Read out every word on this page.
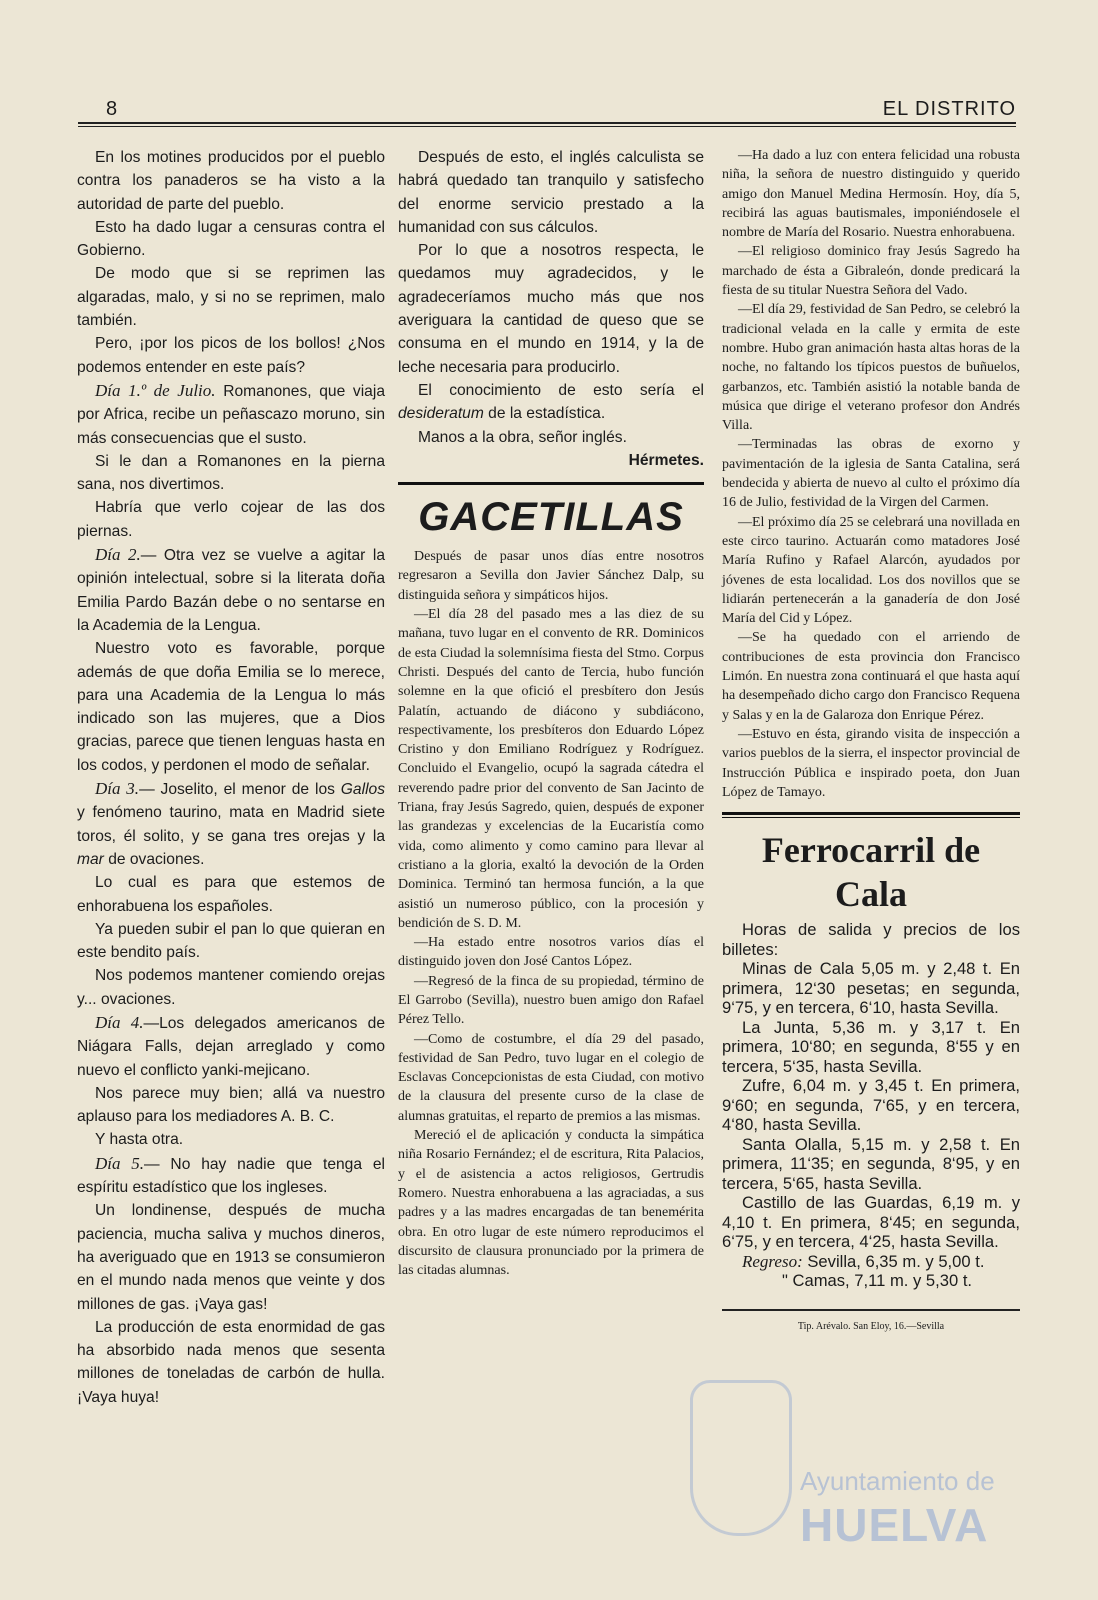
8	EL DISTRITO

En los motines producidos por el pueblo contra los panaderos se ha visto a la autoridad de parte del pueblo.

Esto ha dado lugar a censuras contra el Gobierno.

De modo que si se reprimen las algaradas, malo, y si no se reprimen, malo también.

Pero, ¡por los picos de los bollos! ¿Nos podemos entender en este país?

Día 1.º de Julio. Romanones, que viaja por Africa, recibe un peñascazo moruno, sin más consecuencias que el susto.

Si le dan a Romanones en la pierna sana, nos divertimos.

Habría que verlo cojear de las dos piernas.

Día 2.— Otra vez se vuelve a agitar la opinión intelectual, sobre si la literata doña Emilia Pardo Bazán debe o no sentarse en la Academia de la Lengua.

Nuestro voto es favorable, porque además de que doña Emilia se lo merece, para una Academia de la Lengua lo más indicado son las mujeres, que a Dios gracias, parece que tienen lenguas hasta en los codos, y perdonen el modo de señalar.

Día 3.— Joselito, el menor de los Gallos y fenómeno taurino, mata en Madrid siete toros, él solito, y se gana tres orejas y la mar de ovaciones.

Lo cual es para que estemos de enhorabuena los españoles.

Ya pueden subir el pan lo que quieran en este bendito país.

Nos podemos mantener comiendo orejas y... ovaciones.

Día 4.—Los delegados americanos de Niágara Falls, dejan arreglado y como nuevo el conflicto yanki-mejicano.

Nos parece muy bien; allá va nuestro aplauso para los mediadores A. B. C.

Y hasta otra.

Día 5.— No hay nadie que tenga el espíritu estadístico que los ingleses.

Un londinense, después de mucha paciencia, mucha saliva y muchos dineros, ha averiguado que en 1913 se consumieron en el mundo nada menos que veinte y dos millones de gas. ¡Vaya gas!

La producción de esta enormidad de gas ha absorbido nada menos que sesenta millones de toneladas de carbón de hulla. ¡Vaya huya!

Después de esto, el inglés calculista se habrá quedado tan tranquilo y satisfecho del enorme servicio prestado a la humanidad con sus cálculos.

Por lo que a nosotros respecta, le quedamos muy agradecidos, y le agradeceríamos mucho más que nos averiguara la cantidad de queso que se consuma en el mundo en 1914, y la de leche necesaria para producirlo.

El conocimiento de esto sería el desideratum de la estadística.

Manos a la obra, señor inglés.

Hérmetes.

GACETILLAS

Después de pasar unos días entre nosotros regresaron a Sevilla don Javier Sánchez Dalp, su distinguida señora y simpáticos hijos.

—El día 28 del pasado mes a las diez de su mañana, tuvo lugar en el convento de RR. Dominicos de esta Ciudad la solemnísima fiesta del Stmo. Corpus Christi. Después del canto de Tercia, hubo función solemne en la que ofició el presbítero don Jesús Palatín, actuando de diácono y subdiácono, respectivamente, los presbíteros don Eduardo López Cristino y don Emiliano Rodríguez y Rodríguez. Concluido el Evangelio, ocupó la sagrada cátedra el reverendo padre prior del convento de San Jacinto de Triana, fray Jesús Sagredo, quien, después de exponer las grandezas y excelencias de la Eucaristía como vida, como alimento y como camino para llevar al cristiano a la gloria, exaltó la devoción de la Orden Dominica. Terminó tan hermosa función, a la que asistió un numeroso público, con la procesión y bendición de S. D. M.

—Ha estado entre nosotros varios días el distinguido joven don José Cantos López.

—Regresó de la finca de su propiedad, término de El Garrobo (Sevilla), nuestro buen amigo don Rafael Pérez Tello.

—Como de costumbre, el día 29 del pasado, festividad de San Pedro, tuvo lugar en el colegio de Esclavas Concepcionistas de esta Ciudad, con motivo de la clausura del presente curso de la clase de alumnas gratuitas, el reparto de premios a las mismas.

Mereció el de aplicación y conducta la simpática niña Rosario Fernández; el de escritura, Rita Palacios, y el de asistencia a actos religiosos, Gertrudis Romero. Nuestra enhorabuena a las agraciadas, a sus padres y a las madres encargadas de tan benemérita obra. En otro lugar de este número reproducimos el discursito de clausura pronunciado por la primera de las citadas alumnas.

—Ha dado a luz con entera felicidad una robusta niña, la señora de nuestro distinguido y querido amigo don Manuel Medina Hermosín. Hoy, día 5, recibirá las aguas bautismales, imponiéndosele el nombre de María del Rosario. Nuestra enhorabuena.

—El religioso dominico fray Jesús Sagredo ha marchado de ésta a Gibraleón, donde predicará la fiesta de su titular Nuestra Señora del Vado.

—El día 29, festividad de San Pedro, se celebró la tradicional velada en la calle y ermita de este nombre. Hubo gran animación hasta altas horas de la noche, no faltando los típicos puestos de buñuelos, garbanzos, etc. También asistió la notable banda de música que dirige el veterano profesor don Andrés Villa.

—Terminadas las obras de exorno y pavimentación de la iglesia de Santa Catalina, será bendecida y abierta de nuevo al culto el próximo día 16 de Julio, festividad de la Virgen del Carmen.

—El próximo día 25 se celebrará una novillada en este circo taurino. Actuarán como matadores José María Rufino y Rafael Alarcón, ayudados por jóvenes de esta localidad. Los dos novillos que se lidiarán pertenecerán a la ganadería de don José María del Cid y López.

—Se ha quedado con el arriendo de contribuciones de esta provincia don Francisco Limón. En nuestra zona continuará el que hasta aquí ha desempeñado dicho cargo don Francisco Requena y Salas y en la de Galaroza don Enrique Pérez.

—Estuvo en ésta, girando visita de inspección a varios pueblos de la sierra, el inspector provincial de Instrucción Pública e inspirado poeta, don Juan López de Tamayo.

Ferrocarril de Cala

Horas de salida y precios de los billetes:

Minas de Cala 5,05 m. y 2,48 t. En primera, 12‘30 pesetas; en segunda, 9‘75, y en tercera, 6‘10, hasta Sevilla.

La Junta, 5,36 m. y 3,17 t. En primera, 10‘80; en segunda, 8‘55 y en tercera, 5‘35, hasta Sevilla.

Zufre, 6,04 m. y 3,45 t. En primera, 9‘60; en segunda, 7‘65, y en tercera, 4‘80, hasta Sevilla.

Santa Olalla, 5,15 m. y 2,58 t. En primera, 11‘35; en segunda, 8‘95, y en tercera, 5‘65, hasta Sevilla.

Castillo de las Guardas, 6,19 m. y 4,10 t. En primera, 8‘45; en segunda, 6‘75, y en tercera, 4‘25, hasta Sevilla.

Regreso: Sevilla, 6,35 m. y 5,00 t.

" Camas, 7,11 m. y 5,30 t.

Tip. Arévalo. San Eloy, 16.—Sevilla
Ayuntamiento de
HUELVA
